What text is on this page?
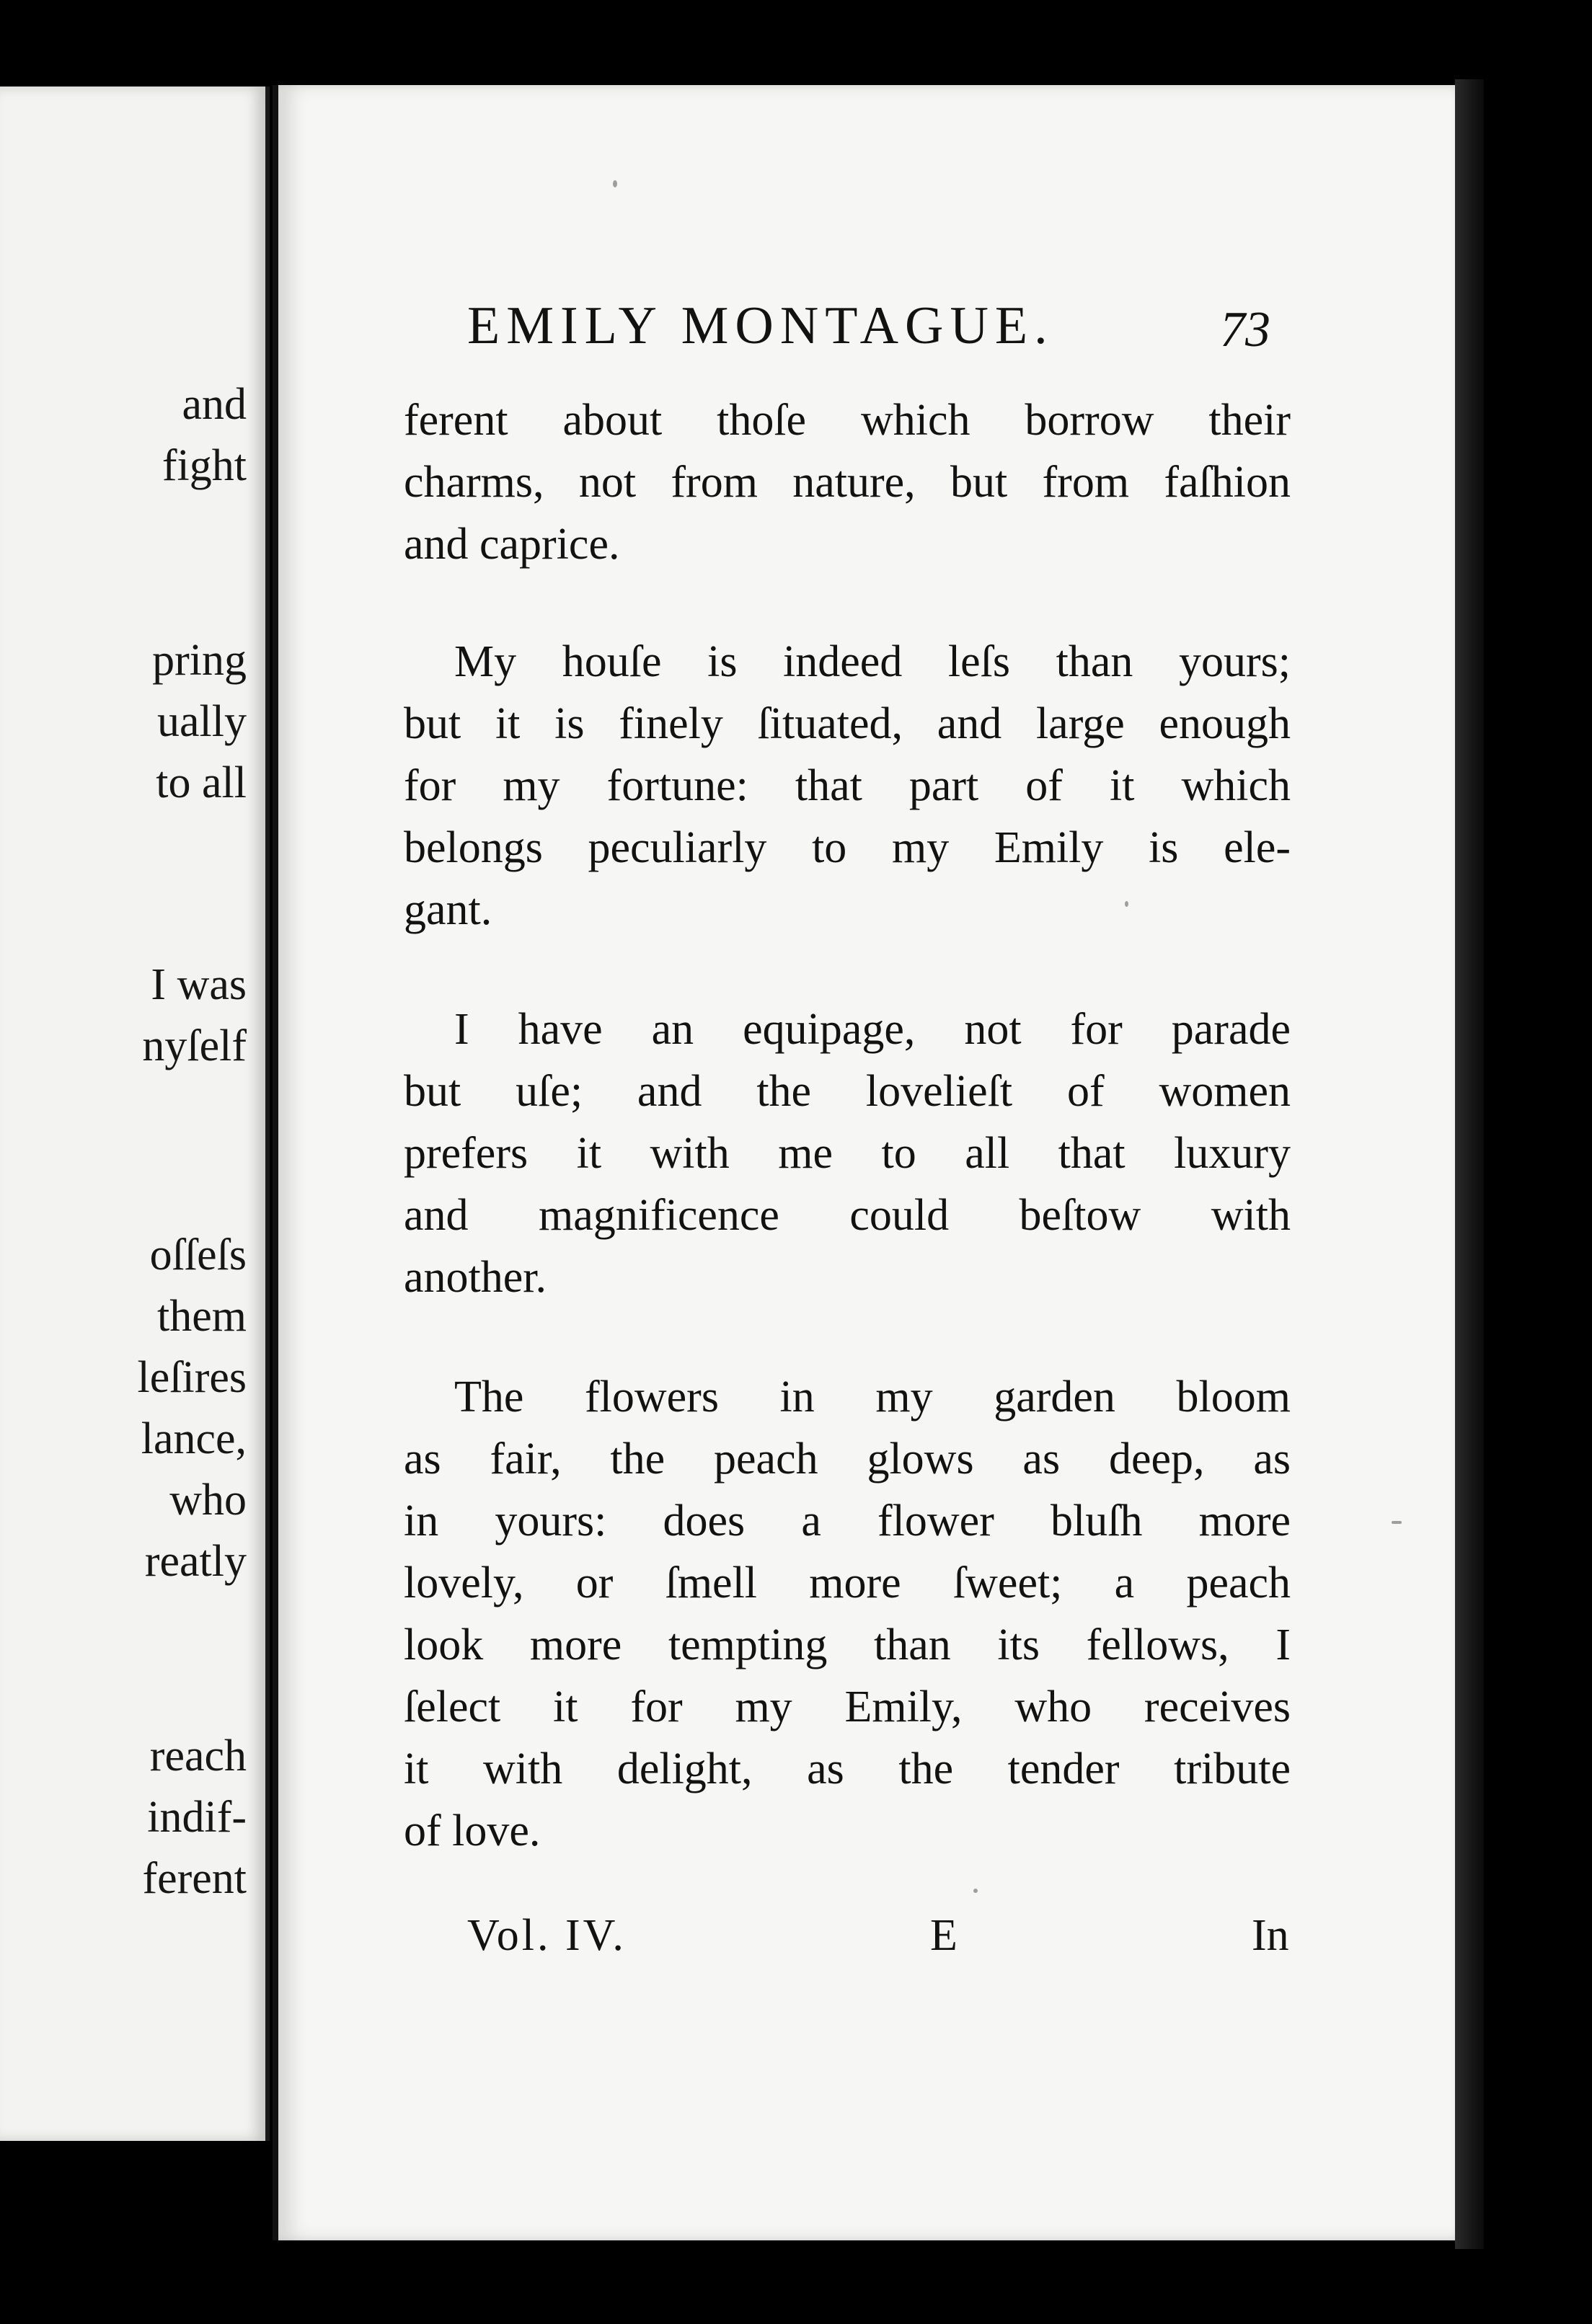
and
fight
pring
ually
to all
I was
nyſelf
oſſeſs
them
leſires
lance,
who
reatly
reach
indif-
ferent
EMILY MONTAGUE.	73
ferent about thoſe which borrow their
charms, not from nature, but from faſhion
and caprice.
My houſe is indeed leſs than yours;
but it is finely ſituated, and large enough
for my fortune: that part of it which
belongs peculiarly to my Emily is ele-
gant.
I have an equipage, not for parade
but uſe; and the lovelieſt of women
prefers it with me to all that luxury
and magnificence could beſtow with
another.
The flowers in my garden bloom
as fair, the peach glows as deep, as
in yours: does a flower bluſh more
lovely, or ſmell more ſweet; a peach
look more tempting than its fellows, I
ſelect it for my Emily, who receives
it with delight, as the tender tribute
of love.
Vol. IV.	E	In
